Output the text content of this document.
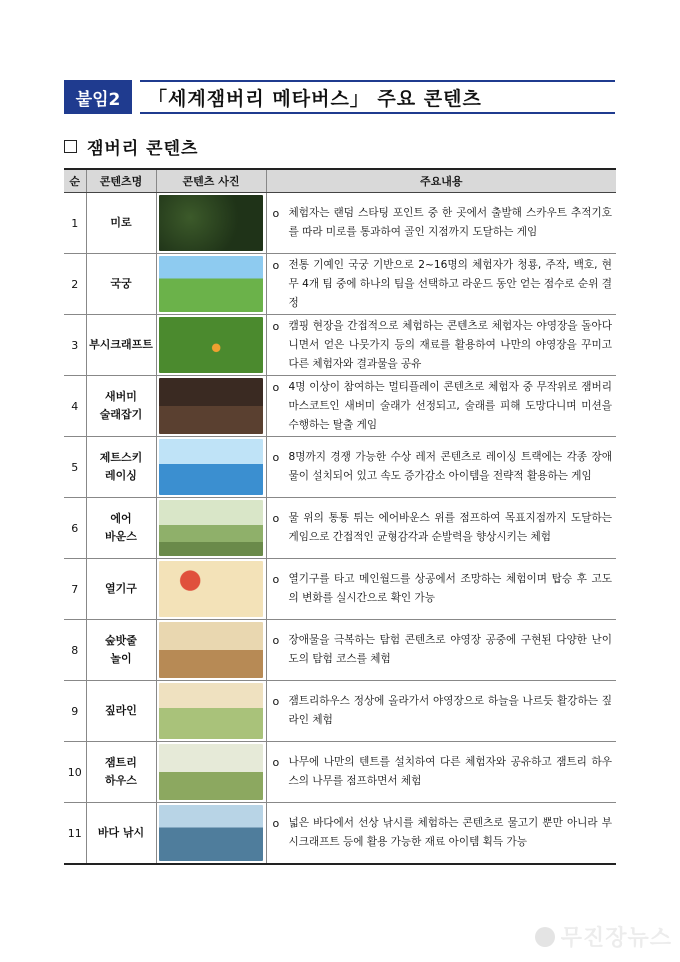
붙임2	「세계잼버리 메타버스」 주요 콘텐츠
잼버리 콘텐츠
순	콘텐츠명	콘텐츠 사진	주요내용
1	미로		o 체험자는 랜덤 스타팅 포인트 중 한 곳에서 출발해 스카우트 추적기호를 따라 미로를 통과하여 골인 지점까지 도달하는 게임

2	국궁		o 전통 기예인 국궁 기반으로 2~16명의 체험자가 청룡, 주작, 백호, 현무 4개 팀 중에 하나의 팀을 선택하고 라운드 동안 얻는 점수로 순위 결정

3	부시크래프트		o 캠핑 현장을 간접적으로 체험하는 콘텐츠로 체험자는 야영장을 돌아다니면서 얻은 나뭇가지 등의 재료를 활용하여 나만의 야영장을 꾸미고 다른 체험자와 결과물을 공유

4	새버미
술래잡기		o 4명 이상이 참여하는 멀티플레이 콘텐츠로 체험자 중 무작위로 잼버리 마스코트인 새버미 술래가 선정되고, 술래를 피해 도망다니며 미션을 수행하는 탈출 게임

5	제트스키
레이싱		o 8명까지 경쟁 가능한 수상 레저 콘텐츠로 레이싱 트랙에는 각종 장애물이 설치되어 있고 속도 증가감소 아이템을 전략적 활용하는 게임

6	에어
바운스		o 물 위의 통통 튀는 에어바운스 위를 점프하여 목표지점까지 도달하는 게임으로 간접적인 균형감각과 순발력을 향상시키는 체험

7	열기구		o 열기구를 타고 메인월드를 상공에서 조망하는 체험이며 탑승 후 고도의 변화를 실시간으로 확인 가능

8	숲밧줄
놀이		o 장애물을 극복하는 탐험 콘텐츠로 야영장 공중에 구현된 다양한 난이도의 탐험 코스를 체험

9	짚라인		o 잼트리하우스 정상에 올라가서 야영장으로 하늘을 나르듯 활강하는 짚라인 체험

10	잼트리
하우스		o 나무에 나만의 텐트를 설치하여 다른 체험자와 공유하고 잼트리 하우스의 나무를 점프하면서 체험

11	바다 낚시		o 넓은 바다에서 선상 낚시를 체험하는 콘텐츠로 물고기 뿐만 아니라 부시크래프트 등에 활용 가능한 재료 아이템 획득 가능
무진장뉴스
